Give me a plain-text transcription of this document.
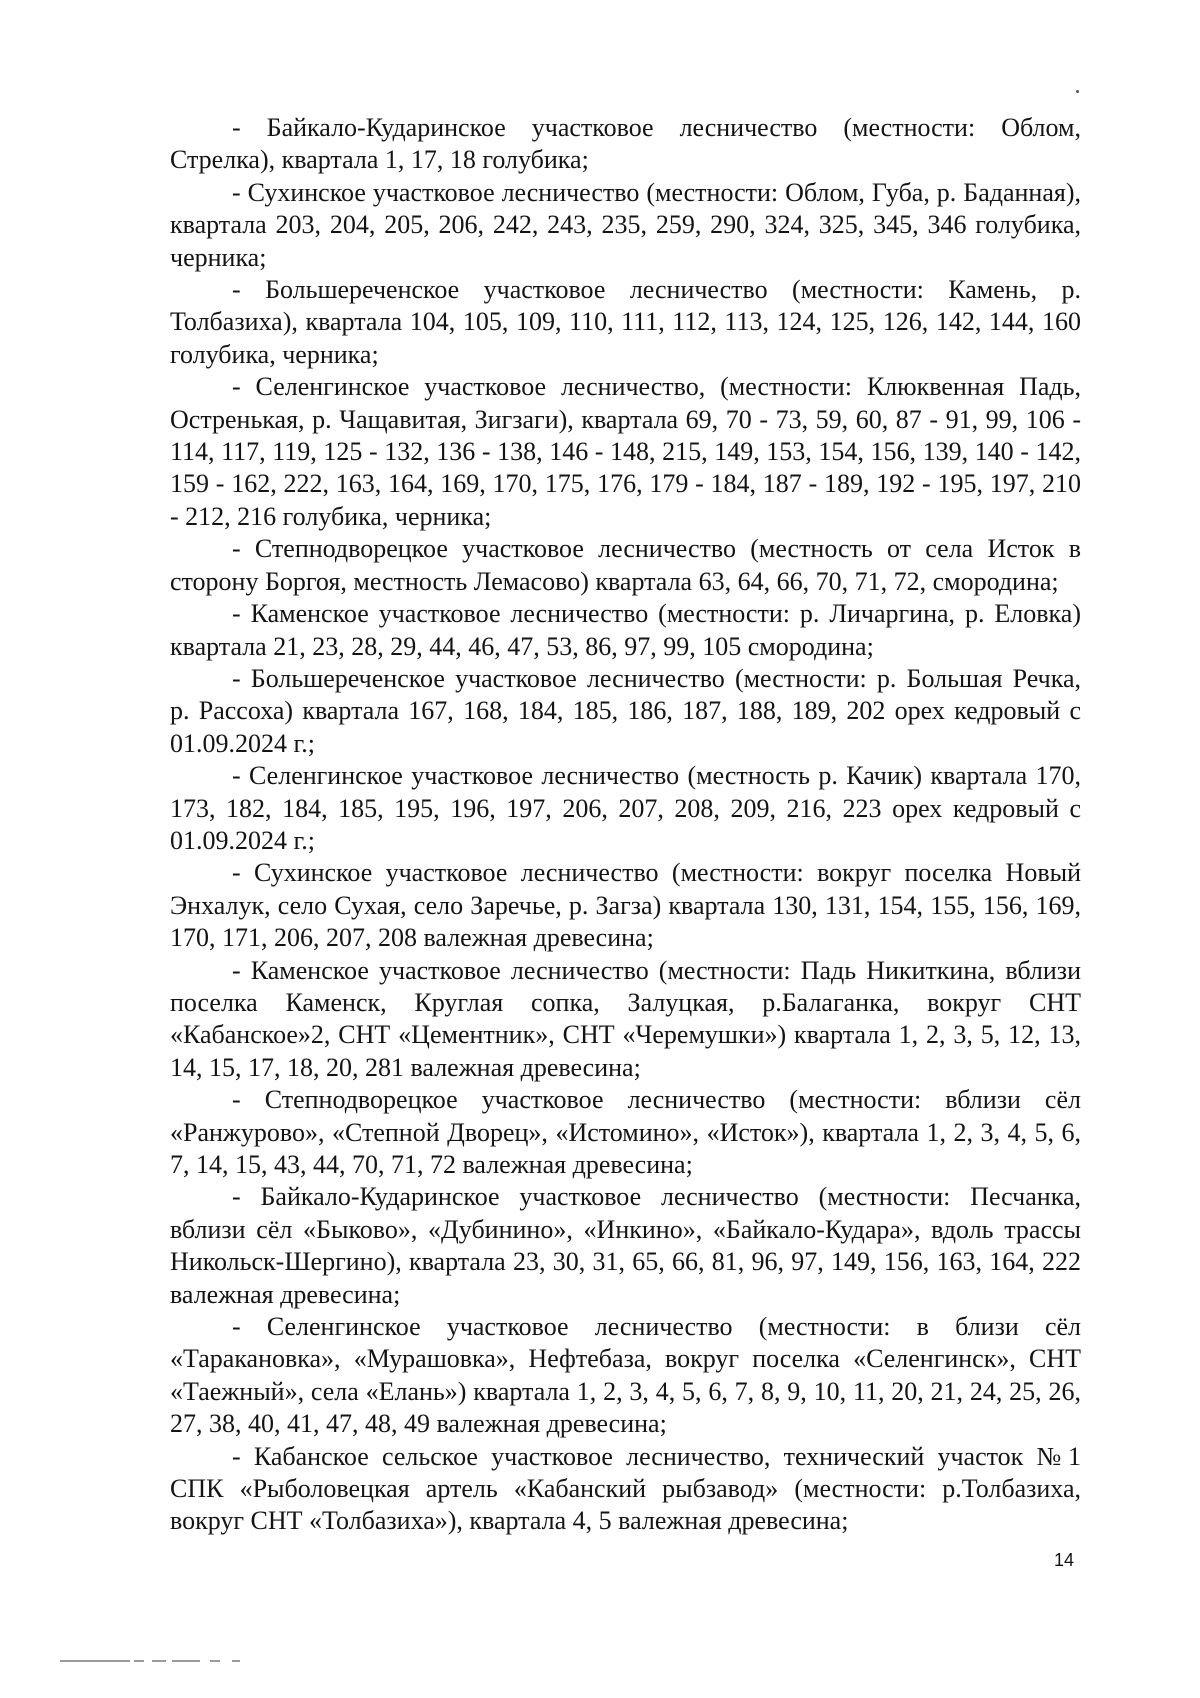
- Байкало-Кударинское участковое лесничество (местности: Облом, Стрелка), квартала 1, 17, 18 голубика;

- Сухинское участковое лесничество (местности: Облом, Губа, р. Баданная), квартала 203, 204, 205, 206, 242, 243, 235, 259, 290, 324, 325, 345, 346 голубика, черника;

- Большереченское участковое лесничество (местности: Камень, р. Толбазиха), квартала 104, 105, 109, 110, 111, 112, 113, 124, 125, 126, 142, 144, 160 голубика, черника;

- Селенгинское участковое лесничество, (местности: Клюквенная Падь, Остренькая, р. Чащавитая, Зигзаги), квартала 69, 70 - 73, 59, 60, 87 - 91, 99, 106 - 114, 117, 119, 125 - 132, 136 - 138, 146 - 148, 215, 149, 153, 154, 156, 139, 140 - 142, 159 - 162, 222, 163, 164, 169, 170, 175, 176, 179 - 184, 187 - 189, 192 - 195, 197, 210 - 212, 216 голубика, черника;

- Степнодворецкое участковое лесничество (местность от села Исток в сторону Боргоя, местность Лемасово) квартала 63, 64, 66, 70, 71, 72, смородина;

- Каменское участковое лесничество (местности: р. Личаргина, р. Еловка) квартала 21, 23, 28, 29, 44, 46, 47, 53, 86, 97, 99, 105 смородина;

- Большереченское участковое лесничество (местности: р. Большая Речка, р. Рассоха) квартала 167, 168, 184, 185, 186, 187, 188, 189, 202 орех кедровый с 01.09.2024 г.;

- Селенгинское участковое лесничество (местность р. Качик) квартала 170, 173, 182, 184, 185, 195, 196, 197, 206, 207, 208, 209, 216, 223 орех кедровый с 01.09.2024 г.;

- Сухинское участковое лесничество (местности: вокруг поселка Новый Энхалук, село Сухая, село Заречье, р. Загза) квартала 130, 131, 154, 155, 156, 169, 170, 171, 206, 207, 208 валежная древесина;

- Каменское участковое лесничество (местности: Падь Никиткина, вблизи поселка Каменск, Круглая сопка, Залуцкая, р.Балаганка, вокруг СНТ «Кабанское»2, СНТ «Цементник», СНТ «Черемушки») квартала 1, 2, 3, 5, 12, 13, 14, 15, 17, 18, 20, 281 валежная древесина;

- Степнодворецкое участковое лесничество (местности: вблизи сёл «Ранжурово», «Степной Дворец», «Истомино», «Исток»), квартала 1, 2, 3, 4, 5, 6, 7, 14, 15, 43, 44, 70, 71, 72 валежная древесина;

- Байкало-Кударинское участковое лесничество (местности: Песчанка, вблизи сёл «Быково», «Дубинино», «Инкино», «Байкало-Кудара», вдоль трассы Никольск-Шергино), квартала 23, 30, 31, 65, 66, 81, 96, 97, 149, 156, 163, 164, 222 валежная древесина;

- Селенгинское участковое лесничество (местности: в близи сёл «Таракановка», «Мурашовка», Нефтебаза, вокруг поселка «Селенгинск», СНТ «Таежный», села «Елань») квартала 1, 2, 3, 4, 5, 6, 7, 8, 9, 10, 11, 20, 21, 24, 25, 26, 27, 38, 40, 41, 47, 48, 49 валежная древесина;

- Кабанское сельское участковое лесничество, технический участок №1 СПК «Рыболовецкая артель «Кабанский рыбзавод» (местности: р.Толбазиха, вокруг СНТ «Толбазиха»), квартала 4, 5 валежная древесина;

14
